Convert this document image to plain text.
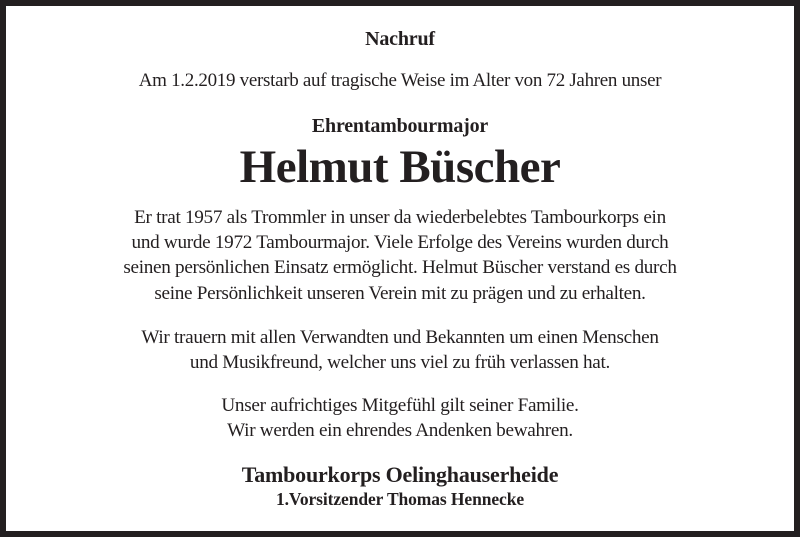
Nachruf
Am 1.2.2019 verstarb auf tragische Weise im Alter von 72 Jahren unser
Ehrentambourmajor
Helmut Büscher
Er trat 1957 als Trommler in unser da wiederbelebtes Tambourkorps ein
und wurde 1972 Tambourmajor. Viele Erfolge des Vereins wurden durch
seinen persönlichen Einsatz ermöglicht. Helmut Büscher verstand es durch
seine Persönlichkeit unseren Verein mit zu prägen und zu erhalten.
Wir trauern mit allen Verwandten und Bekannten um einen Menschen
und Musikfreund, welcher uns viel zu früh verlassen hat.
Unser aufrichtiges Mitgefühl gilt seiner Familie.
Wir werden ein ehrendes Andenken bewahren.
Tambourkorps Oelinghauserheide
1.Vorsitzender Thomas Hennecke
